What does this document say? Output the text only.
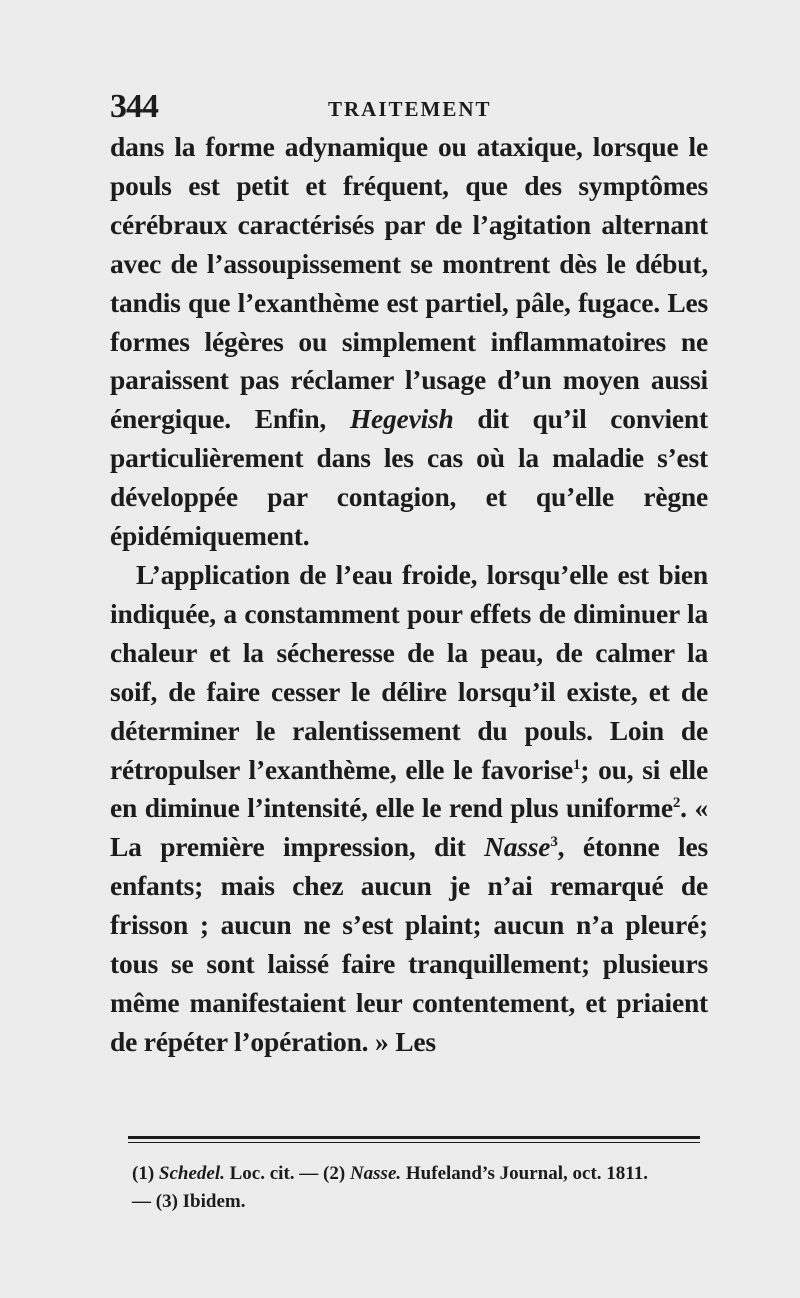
344	TRAITEMENT

dans la forme adynamique ou ataxique, lorsque le pouls est petit et fréquent, que des symptômes cérébraux caractérisés par de l’agitation alternant avec de l’assoupissement se montrent dès le début, tandis que l’exanthème est partiel, pâle, fugace. Les formes légères ou simplement inflammatoires ne paraissent pas réclamer l’usage d’un moyen aussi énergique. Enfin, Hegevish dit qu’il convient particulièrement dans les cas où la maladie s’est développée par contagion, et qu’elle règne épidémiquement.

L’application de l’eau froide, lorsqu’elle est bien indiquée, a constamment pour effets de diminuer la chaleur et la sécheresse de la peau, de calmer la soif, de faire cesser le délire lorsqu’il existe, et de déterminer le ralentissement du pouls. Loin de rétropulser l’exanthème, elle le favorise$^1$; ou, si elle en diminue l’intensité, elle le rend plus uniforme$^2$. « La première impression, dit Nasse$^3$, étonne les enfants; mais chez aucun je n’ai remarqué de frisson ; aucun ne s’est plaint; aucun n’a pleuré; tous se sont laissé faire tranquillement; plusieurs même manifestaient leur contentement, et priaient de répéter l’opération. » Les

(1) Schedel. Loc. cit. — (2) Nasse. Hufeland’s Journal, oct. 1811.

— (3) Ibidem.
